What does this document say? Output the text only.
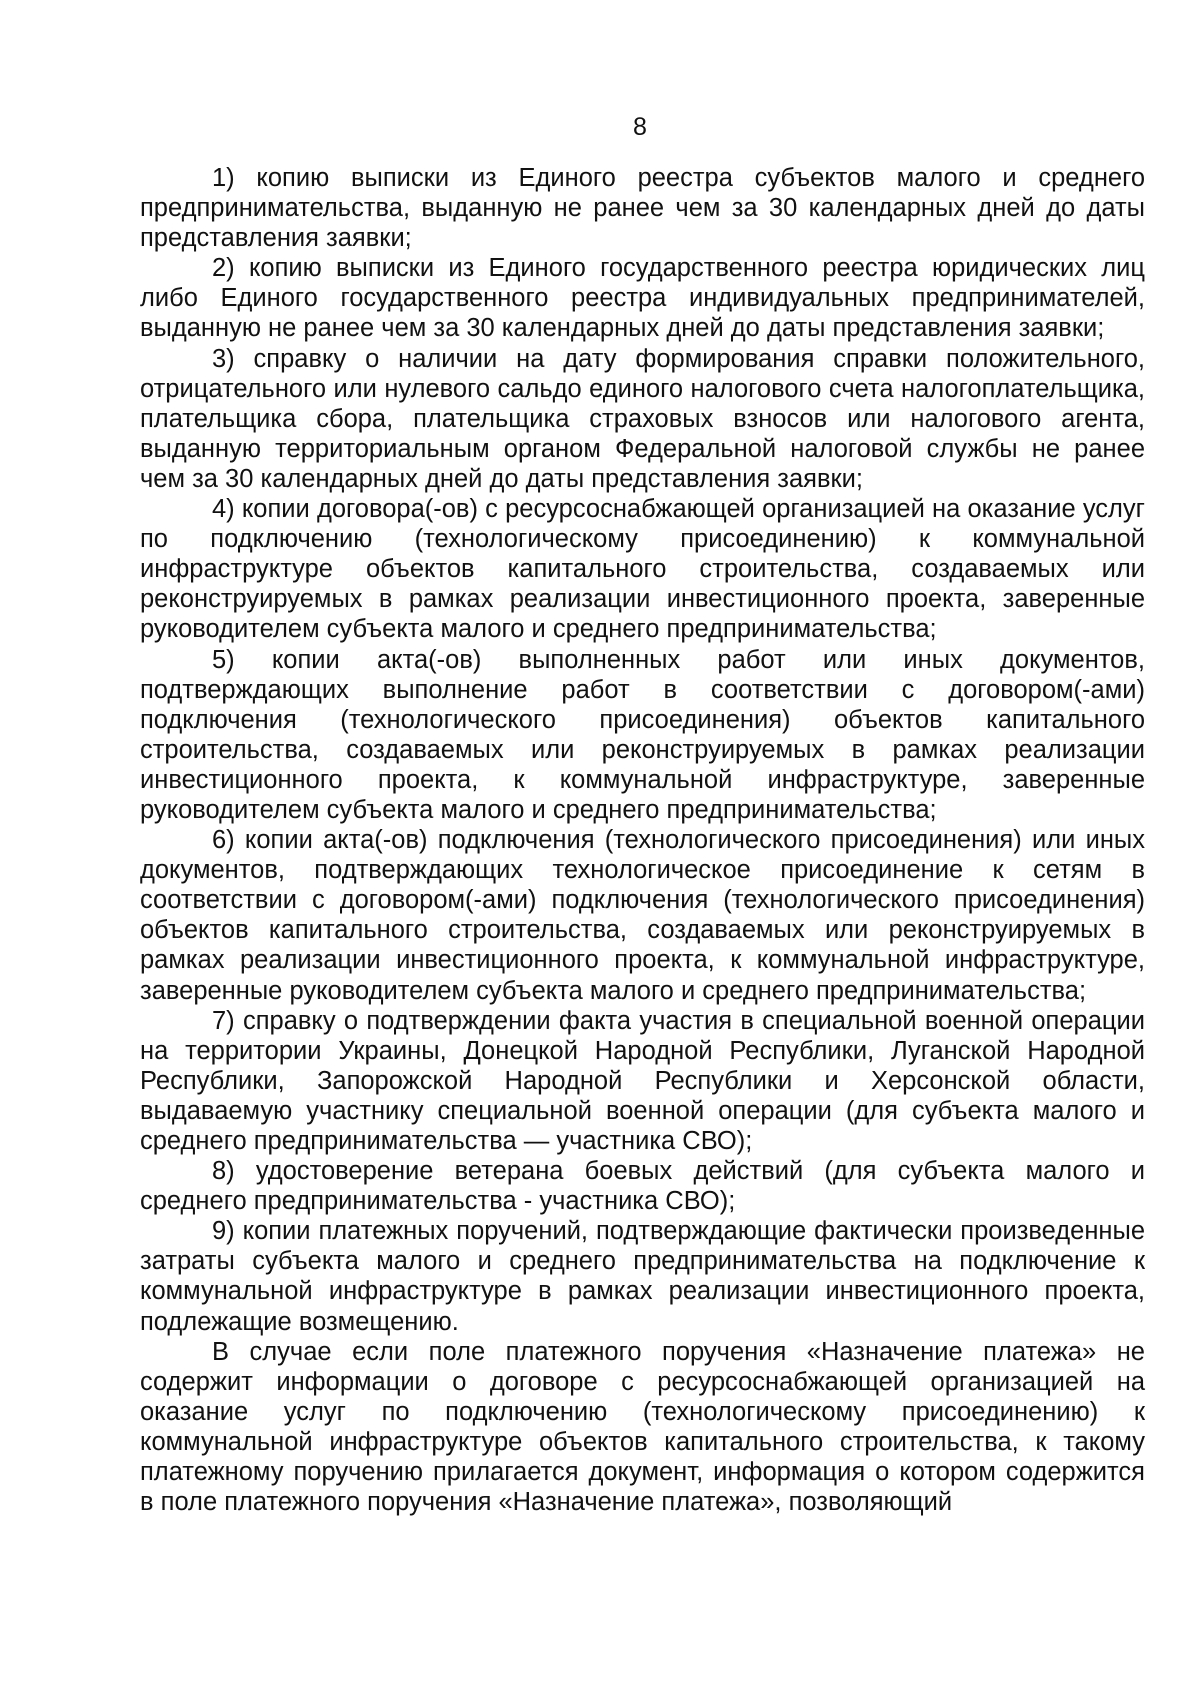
8

1) копию выписки из Единого реестра субъектов малого и среднего предпринимательства, выданную не ранее чем за 30 календарных дней до даты представления заявки;

2) копию выписки из Единого государственного реестра юридических лиц либо Единого государственного реестра индивидуальных предпринимателей, выданную не ранее чем за 30 календарных дней до даты представления заявки;

3) справку о наличии на дату формирования справки положительного, отрицательного или нулевого сальдо единого налогового счета налогоплательщика, плательщика сбора, плательщика страховых взносов или налогового агента, выданную территориальным органом Федеральной налоговой службы не ранее чем за 30 календарных дней до даты представления заявки;

4) копии договора(-ов) с ресурсоснабжающей организацией на оказание услуг по подключению (технологическому присоединению) к коммунальной инфраструктуре объектов капитального строительства, создаваемых или реконструируемых в рамках реализации инвестиционного проекта, заверенные руководителем субъекта малого и среднего предпринимательства;

5) копии акта(-ов) выполненных работ или иных документов, подтверждающих выполнение работ в соответствии с договором(-ами) подключения (технологического присоединения) объектов капитального строительства, создаваемых или реконструируемых в рамках реализации инвестиционного проекта, к коммунальной инфраструктуре, заверенные руководителем субъекта малого и среднего предпринимательства;

6) копии акта(-ов) подключения (технологического присоединения) или иных документов, подтверждающих технологическое присоединение к сетям в соответствии с договором(-ами) подключения (технологического присоединения) объектов капитального строительства, создаваемых или реконструируемых в рамках реализации инвестиционного проекта, к коммунальной инфраструктуре, заверенные руководителем субъекта малого и среднего предпринимательства;

7) справку о подтверждении факта участия в специальной военной операции на территории Украины, Донецкой Народной Республики, Луганской Народной Республики, Запорожской Народной Республики и Херсонской области, выдаваемую участнику специальной военной операции (для субъекта малого и среднего предпринимательства — участника СВО);

8) удостоверение ветерана боевых действий (для субъекта малого и среднего предпринимательства - участника СВО);

9) копии платежных поручений, подтверждающие фактически произведенные затраты субъекта малого и среднего предпринимательства на подключение к коммунальной инфраструктуре в рамках реализации инвестиционного проекта, подлежащие возмещению.

В случае если поле платежного поручения «Назначение платежа» не содержит информации о договоре с ресурсоснабжающей организацией на оказание услуг по подключению (технологическому присоединению) к коммунальной инфраструктуре объектов капитального строительства, к такому платежному поручению прилагается документ, информация о котором содержится в поле платежного поручения «Назначение платежа», позволяющий
